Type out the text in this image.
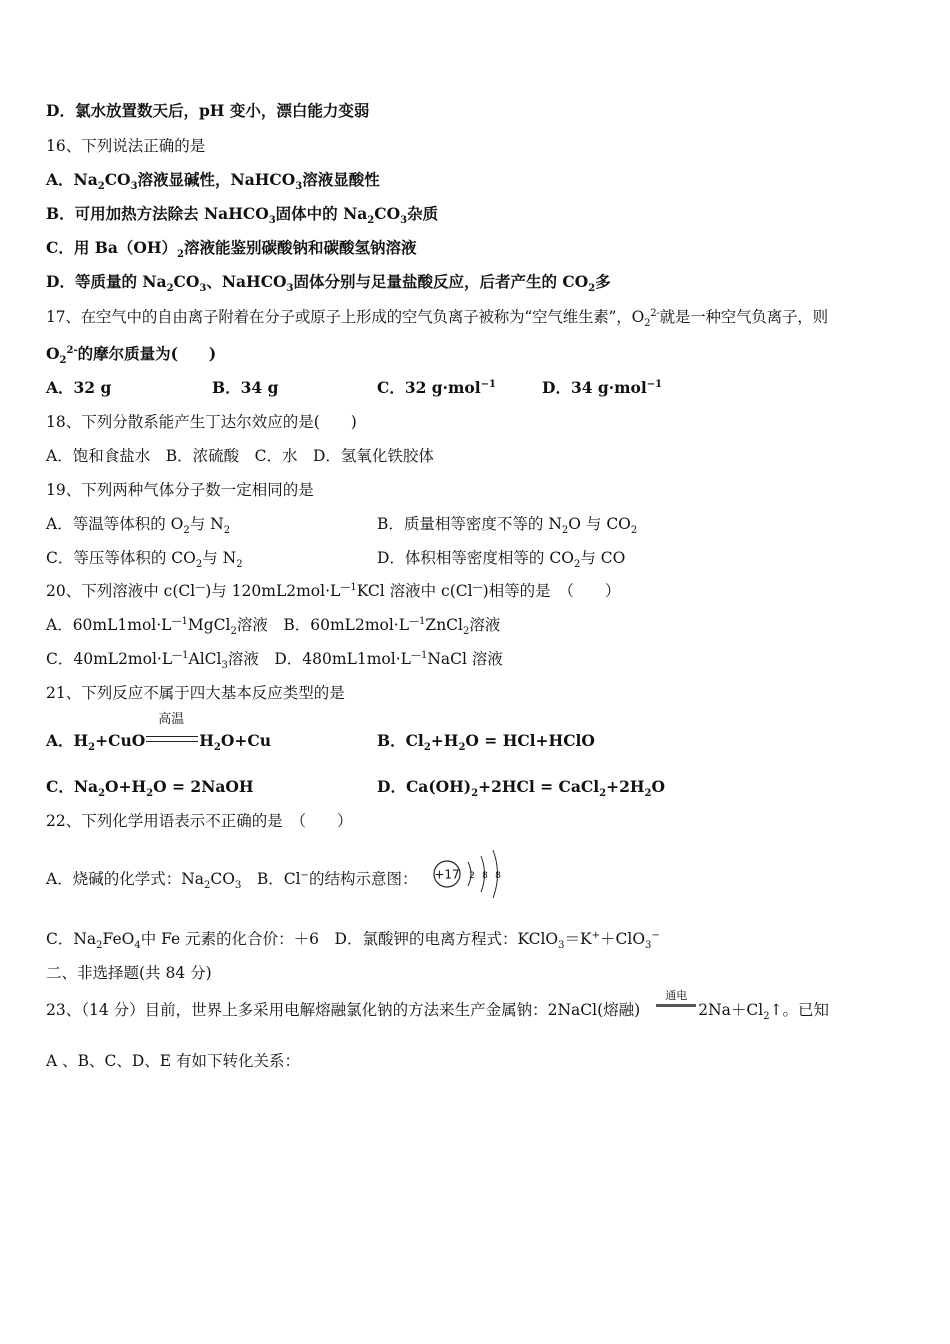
D．氯水放置数天后，pH 变小，漂白能力变弱
16、下列说法正确的是
A．$Na_2CO_3$溶液显碱性，NaHCO$_3$溶液显酸性
B．可用加热方法除去 NaHCO$_3$固体中的 $Na_2CO_3$杂质
C．用 $Ba(OH)_2$溶液能鉴别碳酸钠和碳酸氢钠溶液
D．等质量的 $Na_2CO_3$、NaHCO$_3$固体分别与足量盐酸反应，后者产生的 $CO_2$多
17、在空气中的自由离子附着在分子或原子上形成的空气负离子被称为“空气维生素”，$O_2^{2-}$就是一种空气负离子，则
$O_2^{2-}$的摩尔质量为(　　)
A．32 g	B．34 g	C．32 g·mol$^{-1}$	D．34 g·mol$^{-1}$
18、下列分散系能产生丁达尔效应的是(　　)
A．饱和食盐水　B．浓硫酸　C．水　D．氢氧化铁胶体
19、下列两种气体分子数一定相同的是
A．等温等体积的 $O_2$与 $N_2$	B．质量相等密度不等的 $N_2O$ 与 $CO_2$
C．等压等体积的 $CO_2$与 $N_2$	D．体积相等密度相等的 $CO_2$与 CO
20、下列溶液中 c(Cl—)与 $120mL2mol\cdot L^{—1}KCl$ 溶液中 c(Cl—)相等的是　（　　）
A．$60mL1mol\cdot L^{—1}MgCl_2$溶液　B．$60mL2mol\cdot L^{—1}ZnCl_2$溶液
C．$40mL2mol\cdot L^{—1}AlCl_3$溶液　D．$480mL1mol\cdot L^{—1}NaCl$ 溶液
21、下列反应不属于四大基本反应类型的是
A．$H_2+CuO$
高温
$H_2O+Cu$	B．$Cl_2+H_2O$ = HCl+HClO
C．$Na_2O+H_2O$ = 2NaOH	D．$Ca(OH)_2+2HCl$ = $CaCl_2+2H_2O$
22、下列化学用语表示不正确的是　（　　）
A．烧碱的化学式：$Na_2CO_3$　B．Cl−的结构示意图： +17 2 8 8
C．$Na_2FeO_4$中 Fe 元素的化合价：＋6　D．氯酸钾的电离方程式：KClO$_3$＝K+＋ClO$_3$−
二、非选择题(共 84 分)
23、（14 分）目前，世界上多采用电解熔融氯化钠的方法来生产金属钠：2NaCl(熔融)
通电
$2Na+Cl_2↑$。已知
A 、B、C、D、E 有如下转化关系：
